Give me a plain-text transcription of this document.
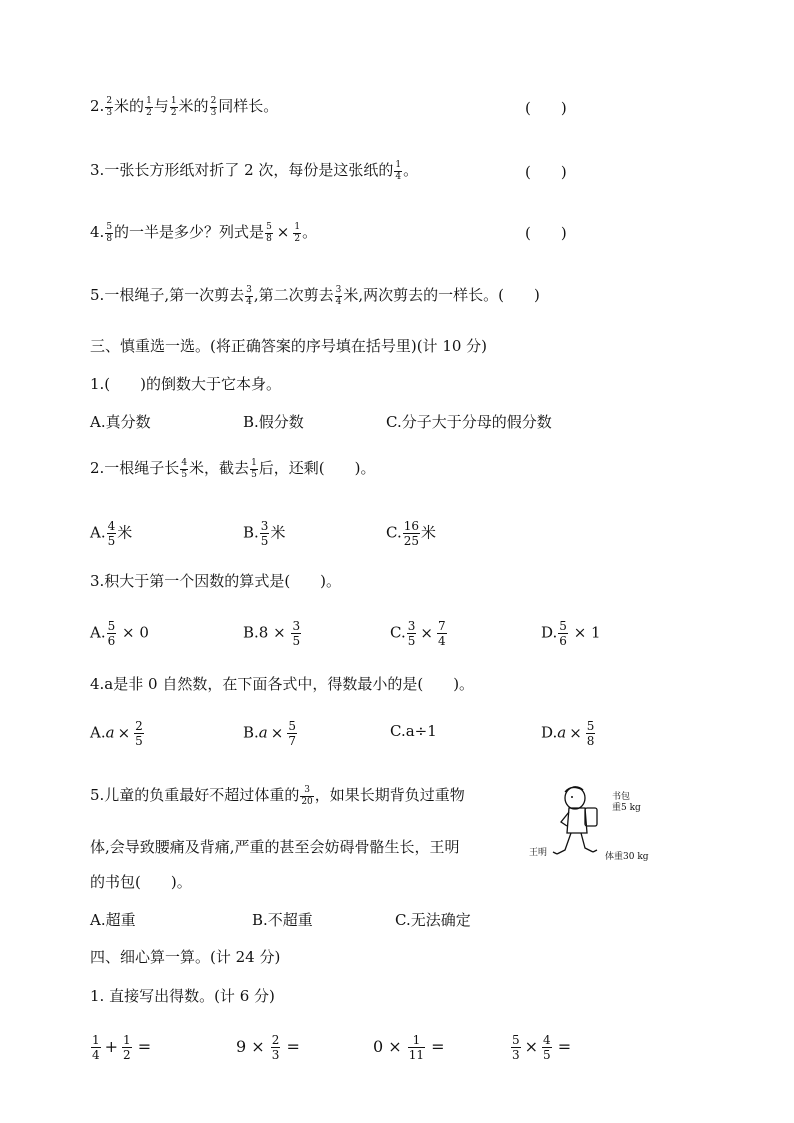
2. $\frac{2}{3}$ 米的 $\frac{1}{2}$ 与 $\frac{1}{2}$ 米的 $\frac{2}{3}$ 同样长。	(　　)
3.一张长方形纸对折了 2 次，每份是这张纸的 $\frac{1}{4}$ 。	(　　)
4. $\frac{5}{8}$ 的一半是多少？列式是 $\frac{5}{8} \times \frac{1}{2}$ 。	(　　)
5.一根绳子,第一次剪去 $\frac{3}{4}$ ,第二次剪去 $\frac{3}{4}$ 米,两次剪去的一样长。(　　)
三、慎重选一选。(将正确答案的序号填在括号里)(计 10 分)
1.(　　)的倒数大于它本身。
A.真分数	B.假分数	C.分子大于分母的假分数
2.一根绳子长 $\frac{4}{5}$ 米，截去 $\frac{1}{5}$ 后，还剩(　　)。
A. $\frac{4}{5}$ 米	B. $\frac{3}{5}$ 米	C. $\frac{16}{25}$ 米
3.积大于第一个因数的算式是(　　)。
A. $\frac{5}{6} \times 0$	$B.8 \times \frac{3}{5}$	C. $\frac{3}{5} \times \frac{7}{4}$	D. $\frac{5}{6} \times 1$
4.a是非 0 自然数，在下面各式中，得数最小的是(　　)。
$A.a \times \frac{2}{5}$	$B.a \times \frac{5}{7}$	C.a÷1	$D.a \times \frac{5}{8}$
5.儿童的负重最好不超过体重的 $\frac{3}{20}$ ，如果长期背负过重物
体,会导致腰痛及背痛,严重的甚至会妨碍骨骼生长，王明
的书包(　　)。
书包
重5 kg
王明	体重30 kg
A.超重	B.不超重	C.无法确定
四、细心算一算。(计 24 分)
1. 直接写出得数。(计 6 分)
$\frac{1}{4} + \frac{1}{2}$ =	$9 \times \frac{2}{3}$ =	$0 \times \frac{1}{11}$ =	$\frac{5}{3} \times \frac{4}{5}$ =
